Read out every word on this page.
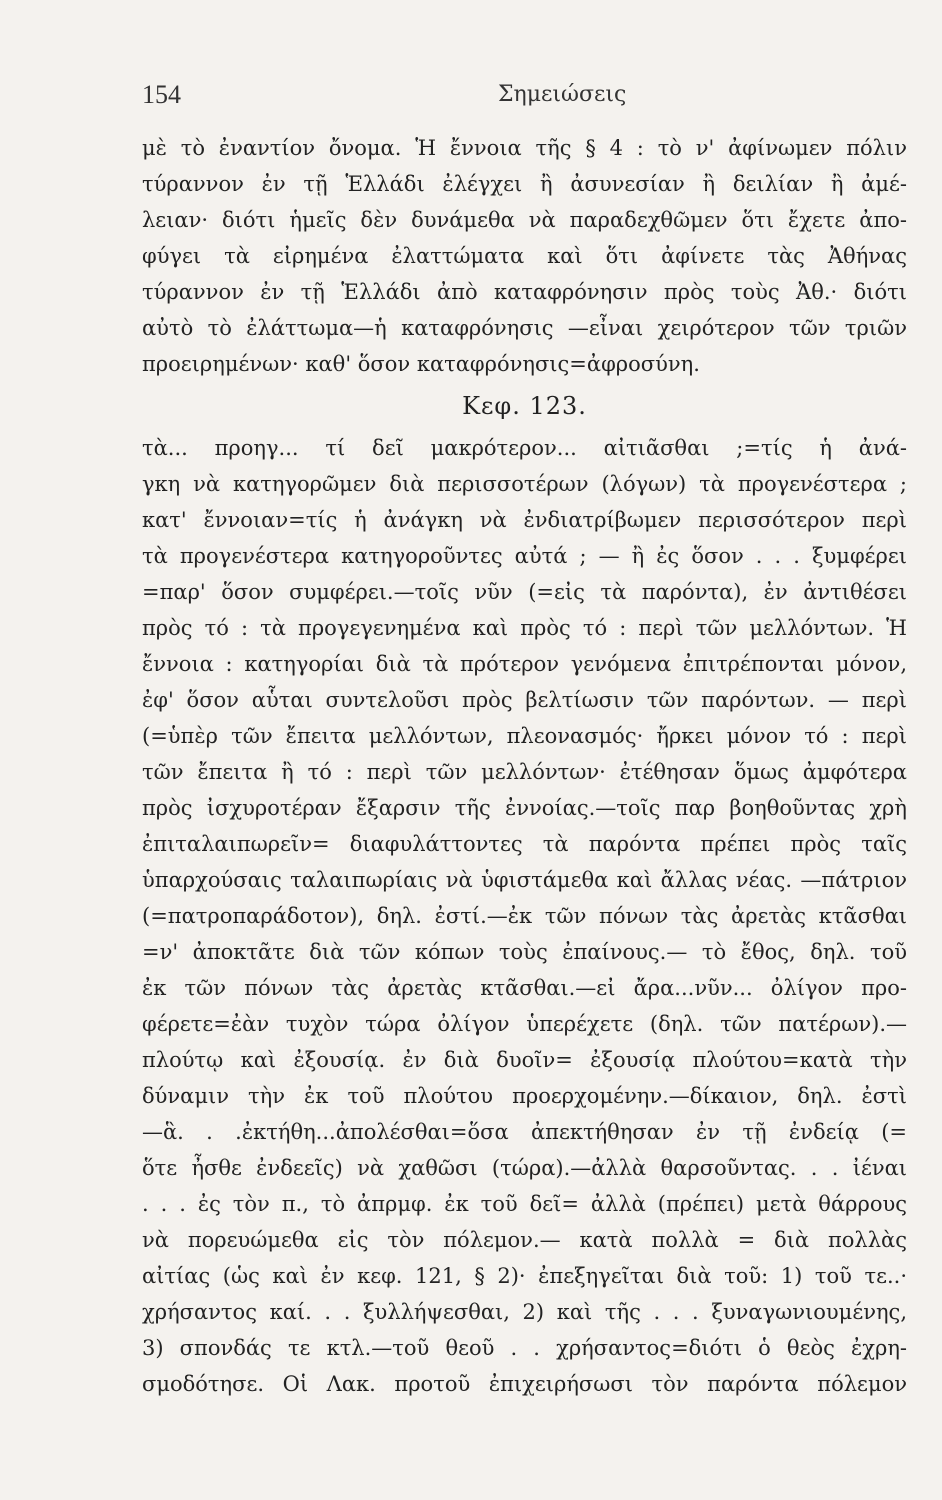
154	Σημειώσεις
μὲ τὸ ἐναντίον ὄνομα. Ἡ ἔννοια τῆς § 4 : τὸ ν' ἀφίνωμεν πόλιν
τύραννον ἐν τῇ Ἑλλάδι ἐλέγχει ἢ ἀσυνεσίαν ἢ δειλίαν ἢ ἀμέ-
λειαν· διότι ἡμεῖς δὲν δυνάμεθα νὰ παραδεχθῶμεν ὅτι ἔχετε ἀπο-
φύγει τὰ εἰρημένα ἐλαττώματα καὶ ὅτι ἀφίνετε τὰς Ἀθήνας
τύραννον ἐν τῇ Ἑλλάδι ἀπὸ καταφρόνησιν πρὸς τοὺς Ἀθ.· διότι
αὐτὸ τὸ ἐλάττωμα—ἡ καταφρόνησις —εἶναι χειρότερον τῶν τριῶν
προειρημένων· καθ' ὅσον καταφρόνησις=ἀφροσύνη.
Κεφ. 123.
τὰ... προηγ... τί δεῖ μακρότερον... αἰτιᾶσθαι ;=τίς ἡ ἀνά-
γκη νὰ κατηγορῶμεν διὰ περισσοτέρων (λόγων) τὰ προγενέστερα ;
κατ' ἔννοιαν=τίς ἡ ἀνάγκη νὰ ἐνδιατρίβωμεν περισσότερον περὶ
τὰ προγενέστερα κατηγοροῦντες αὐτά ; — ἢ ἐς ὅσον . . . ξυμφέρει
=παρ' ὅσον συμφέρει.—τοῖς νῦν (=εἰς τὰ παρόντα), ἐν ἀντιθέσει
πρὸς τό : τὰ προγεγενημένα καὶ πρὸς τό : περὶ τῶν μελλόντων. Ἡ
ἔννοια : κατηγορίαι διὰ τὰ πρότερον γενόμενα ἐπιτρέπονται μόνον,
ἐφ' ὅσον αὗται συντελοῦσι πρὸς βελτίωσιν τῶν παρόντων. — περὶ
(=ὑπὲρ τῶν ἔπειτα μελλόντων, πλεονασμός· ἤρκει μόνον τό : περὶ
τῶν ἔπειτα ἢ τό : περὶ τῶν μελλόντων· ἐτέθησαν ὅμως ἀμφότερα
πρὸς ἰσχυροτέραν ἔξαρσιν τῆς ἐννοίας.—τοῖς παρ βοηθοῦντας χρὴ
ἐπιταλαιπωρεῖν= διαφυλάττοντες τὰ παρόντα πρέπει πρὸς ταῖς
ὑπαρχούσαις ταλαιπωρίαις νὰ ὑφιστάμεθα καὶ ἄλλας νέας. —πάτριον
(=πατροπαράδοτον), δηλ. ἐστί.—ἐκ τῶν πόνων τὰς ἀρετὰς κτᾶσθαι
=ν' ἀποκτᾶτε διὰ τῶν κόπων τοὺς ἐπαίνους.— τὸ ἔθος, δηλ. τοῦ
ἐκ τῶν πόνων τὰς ἀρετὰς κτᾶσθαι.—εἰ ἄρα...νῦν... ὀλίγον προ-
φέρετε=ἐὰν τυχὸν τώρα ὀλίγον ὑπερέχετε (δηλ. τῶν πατέρων).—
πλούτῳ καὶ ἐξουσίᾳ. ἐν διὰ δυοῖν= ἐξουσίᾳ πλούτου=κατὰ τὴν
δύναμιν τὴν ἐκ τοῦ πλούτου προερχομένην.—δίκαιον, δηλ. ἐστὶ
—ἃ. . .ἐκτήθη...ἀπολέσθαι=ὅσα ἀπεκτήθησαν ἐν τῇ ἐνδείᾳ (=
ὅτε ἦσθε ἐνδεεῖς) νὰ χαθῶσι (τώρα).—ἀλλὰ θαρσοῦντας. . . ἰέναι
. . . ἐς τὸν π., τὸ ἀπρμφ. ἐκ τοῦ δεῖ= ἀλλὰ (πρέπει) μετὰ θάρρους
νὰ πορευώμεθα εἰς τὸν πόλεμον.— κατὰ πολλὰ = διὰ πολλὰς
αἰτίας (ὡς καὶ ἐν κεφ. 121, § 2)· ἐπεξηγεῖται διὰ τοῦ: 1) τοῦ τε..·
χρήσαντος καί. . . ξυλλήψεσθαι, 2) καὶ τῆς . . . ξυναγωνιουμένης,
3) σπονδάς τε κτλ.—τοῦ θεοῦ . . χρήσαντος=διότι ὁ θεὸς ἐχρη-
σμοδότησε. Οἱ Λακ. προτοῦ ἐπιχειρήσωσι τὸν παρόντα πόλεμον
